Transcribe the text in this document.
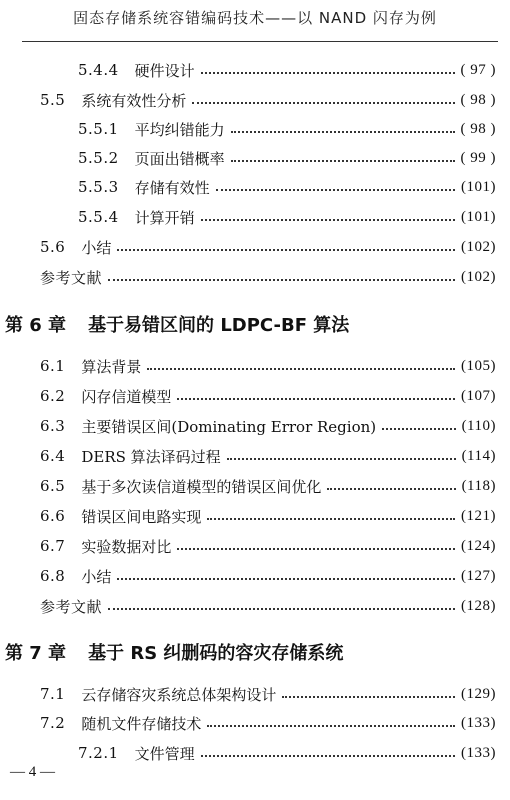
固态存储系统容错编码技术——以 NAND 闪存为例
5.4.4 硬件设计	( 97 )
5.5 系统有效性分析	( 98 )
5.5.1 平均纠错能力	( 98 )
5.5.2 页面出错概率	( 99 )
5.5.3 存储有效性	(101)
5.5.4 计算开销	(101)
5.6 小结	(102)
参考文献	(102)
第 6 章 基于易错区间的 LDPC-BF 算法
6.1 算法背景	(105)
6.2 闪存信道模型	(107)
6.3 主要错误区间(Dominating Error Region)	(110)
6.4 DERS 算法译码过程	(114)
6.5 基于多次读信道模型的错误区间优化	(118)
6.6 错误区间电路实现	(121)
6.7 实验数据对比	(124)
6.8 小结	(127)
参考文献	(128)
第 7 章 基于 RS 纠删码的容灾存储系统
7.1 云存储容灾系统总体架构设计	(129)
7.2 随机文件存储技术	(133)
7.2.1 文件管理	(133)
— 4 —
